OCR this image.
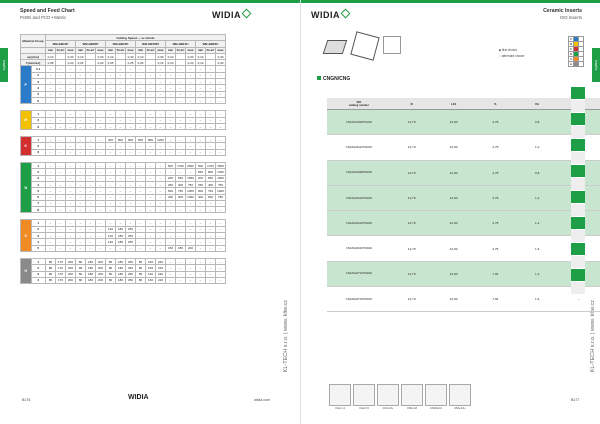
Speed and Feed Chart
PcBN and PCD • Metric	WIDIA
Inserts
Material Group		Cutting Speed — vc m/min																	
		WB-BB10P			WB-BB20P			WB-BB15P			WB-KB5625			WB-BB10U			WB-BB20U		
		min	St art	max	min	St art	max	min	St art	max	min	St art	max	min	St art	max	min	St art	max
ap [mm]		0,10		0,40	0,10		0,30	0,10		0,40	0,10		0,30	0,10		0,30	0,10		0,40
f [mm/rev]		0,08		0,20	0,05		0,20	0,05		0,25	0,05		0,15	0,10		0,20	0,10		0,40
P	0 1	–	–	–	–	–	–	–	–	–	–	–	–	–	–	–	–	–	–
	2	–	–	–	–	–	–	–	–	–	–	–	–	–	–	–	–	–	–
	3	–	–	–	–	–	–	–	–	–	–	–	–	–	–	–	–	–	–
	4	–	–	–	–	–	–	–	–	–	–	–	–	–	–	–	–	–	–
	5	–	–	–	–	–	–	–	–	–	–	–	–	–	–	–	–	–	–
	6	–	–	–	–	–	–	–	–	–	–	–	–	–	–	–	–	–	–

M	1	–	–	–	–	–	–	–	–	–	–	–	–	–	–	–	–	–	–
	2	–	–	–	–	–	–	–	–	–	–	–	–	–	–	–	–	–	–
	3	–	–	–	–	–	–	–	–	–	–	–	–	–	–	–	–	–	–

K	1	–	–	–	–	–	–	400	800	900	600	800	1200	–	–	–	–	–	–
	2	–	–	–	–	–	–	–	–	–	–	–	–	–	–	–	–	–	–
	3	–	–	–	–	–	–	–	–	–	–	–	–	–	–	–	–	–	–

N	1	–	–	–	–	–	–	–	–	–	–	–	–	500	1700	2500	500	1700	2500
	2	–	–	–	–	–	–	–	–	–	–	–	–	–	–	–	550	800	1025
	3	–	–	–	–	–	–	–	–	–	–	–	–	200	650	1500	200	650	1500
	4	–	–	–	–	–	–	–	–	–	–	–	–	250	400	750	250	400	750
	5	–	–	–	–	–	–	–	–	–	–	–	–	500	750	1000	500	750	1000
	6	–	–	–	–	–	–	–	–	–	–	–	–	400	600	1000	400	600	750
	7	–	–	–	–	–	–	–	–	–	–	–	–	–	–	–	–	–	–
	8	–	–	–	–	–	–	–	–	–	–	–	–	–	–	–	–	–	–

S	1	–	–	–	–	–	–	–	–	–	–	–	–	–	–	–	–	–	–
	2	–	–	–	–	–	–	120	180	250	–	–	–	–	–	–	–	–	–
	3	–	–	–	–	–	–	120	180	250	–	–	–	–	–	–	–	–	–
	4	–	–	–	–	–	–	120	180	250	–	–	–	–	–	–	–	–	–
	5	–	–	–	–	–	–	–	–	–	–	–	–	150	180	200	–	–	–

H	1	80	170	200	80	180	200	80	180	250	80	160	220	–	–	–	–	–	–
	2	80	170	200	80	180	200	80	180	250	80	160	220	–	–	–	–	–	–
	3	80	170	200	80	180	200	80	180	250	80	160	220	–	–	–	–	–	–
	4	80	170	200	80	180	200	80	180	250	80	160	220	–	–	–	–	–	–

KL-TECH s.r.o. | www. kltw.cz
B176	WIDIA	widia.com
Ceramic Inserts
ISO Inserts
WIDIA
Inserts
P		
M		
K		
N		
S		
H		
■ first choice
○ alternate choice
CNGN/CNG
KL-TECH s.r.o. | www. kltw.cz
B177
ISO
catalog number	D	L10	S	Rε	
CNGN120408T01020	12,70	12,90	4,76	0,8	
CNGN120412T01020	12,70	12,90	4,76	1,2	
CNGN120408T02020	12,70	12,90	4,76	0,8	
CNGN120412T02020	12,70	12,90	4,76	1,2	
CNGN120412T02020	12,70	12,90	4,76	1,2	
CNGN120416T02020	12,70	12,90	4,76	1,6	
CNGN120712T02020	12,70	12,90	7,94	1,2	
CNGN120716T02020	12,70	12,90	7,94	1,6	–
CG1-1.4	CG2-1.5	CG3-1.6+	CNG-1.8	CNGN-2.0	CNG-2.0+
